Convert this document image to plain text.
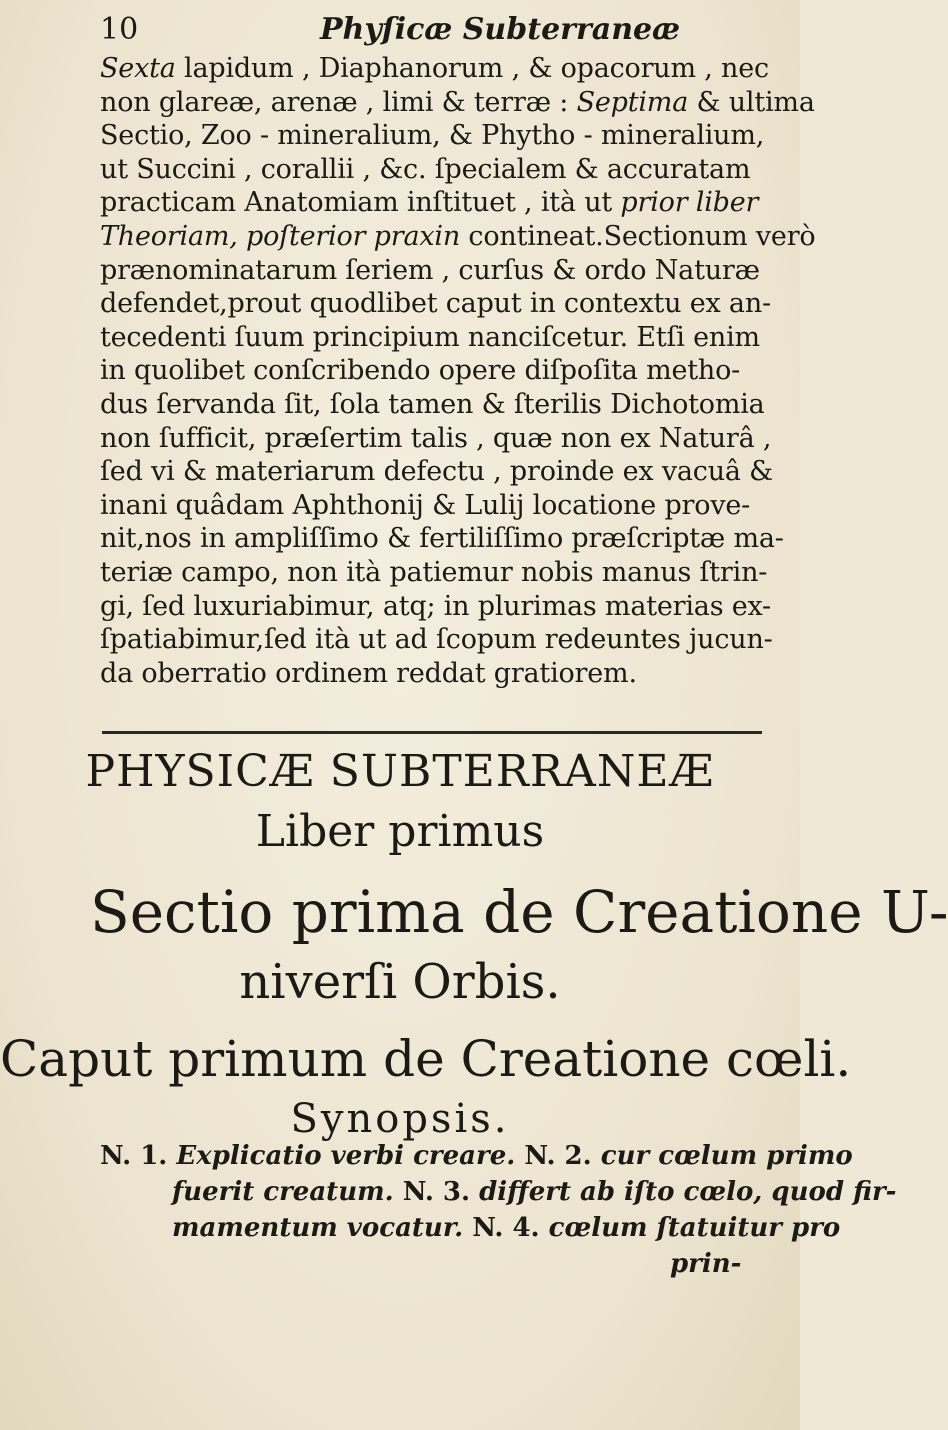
10	Phyſicæ Subterraneæ
Sexta lapidum , Diaphanorum , & opacorum , nec
non glareæ, arenæ , limi & terræ : Septima & ultima
Sectio, Zoo - mineralium, & Phytho - mineralium,
ut Succini , corallii , &c. ſpecialem & accuratam
practicam Anatomiam inſtituet , ità ut prior liber
Theoriam, poſterior praxin contineat.Sectionum verò
prænominatarum ſeriem , curſus & ordo Naturæ
defendet,prout quodlibet caput in contextu ex an-
tecedenti ſuum principium nanciſcetur. Etſi enim
in quolibet conſcribendo opere diſpoſita metho-
dus ſervanda ſit, ſola tamen & ſterilis Dichotomia
non ſufficit, præſertim talis , quæ non ex Naturâ ,
ſed vi & materiarum defectu , proinde ex vacuâ &
inani quâdam Aphthonij & Lulij locatione prove-
nit,nos in ampliſſimo & fertiliſſimo præſcriptæ ma-
teriæ campo, non ità patiemur nobis manus ſtrin-
gi, ſed luxuriabimur, atq; in plurimas materias ex-
ſpatiabimur,ſed ità ut ad ſcopum redeuntes jucun-
da oberratio ordinem reddat gratiorem.
PHYSICÆ SUBTERRANEÆ
Liber primus
Sectio prima de Creatione U-
niverſi Orbis.
Caput primum de Creatione cœli.
Synopsis.
N. 1. Explicatio verbi creare. N. 2. cur cœlum primo
fuerit creatum. N. 3. differt ab iſto cœlo, quod fir-
mamentum vocatur. N. 4. cœlum ſtatuitur pro
prin-
